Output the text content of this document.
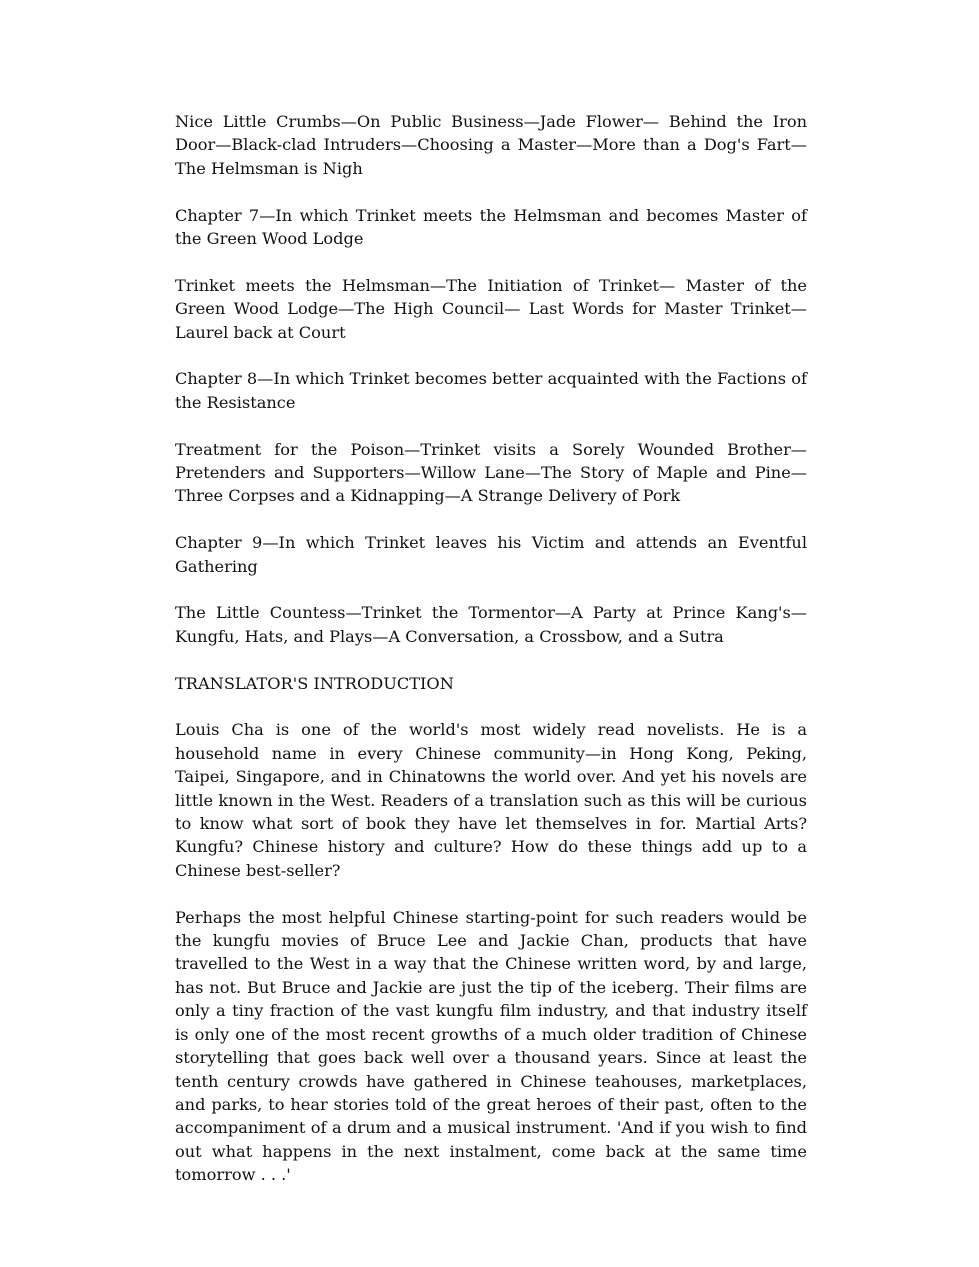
Nice Little Crumbs—On Public Business—Jade Flower— Behind the Iron Door—Black-clad Intruders—Choosing a Master—More than a Dog's Fart—The Helmsman is Nigh

Chapter 7—In which Trinket meets the Helmsman and becomes Master of the Green Wood Lodge

Trinket meets the Helmsman—The Initiation of Trinket— Master of the Green Wood Lodge—The High Council— Last Words for Master Trinket—Laurel back at Court

Chapter 8—In which Trinket becomes better acquainted with the Factions of the Resistance

Treatment for the Poison—Trinket visits a Sorely Wounded Brother—Pretenders and Supporters—Willow Lane—The Story of Maple and Pine—Three Corpses and a Kidnapping—A Strange Delivery of Pork

Chapter 9—In which Trinket leaves his Victim and attends an Eventful Gathering

The Little Countess—Trinket the Tormentor—A Party at Prince Kang's—Kungfu, Hats, and Plays—A Conversation, a Crossbow, and a Sutra

TRANSLATOR'S INTRODUCTION

Louis Cha is one of the world's most widely read novelists. He is a household name in every Chinese community—in Hong Kong, Peking, Taipei, Singapore, and in Chinatowns the world over. And yet his novels are little known in the West. Readers of a translation such as this will be curious to know what sort of book they have let themselves in for. Martial Arts? Kungfu? Chinese history and culture? How do these things add up to a Chinese best-seller?

Perhaps the most helpful Chinese starting-point for such readers would be the kungfu movies of Bruce Lee and Jackie Chan, products that have travelled to the West in a way that the Chinese written word, by and large, has not. But Bruce and Jackie are just the tip of the iceberg. Their films are only a tiny fraction of the vast kungfu film industry, and that industry itself is only one of the most recent growths of a much older tradition of Chinese storytelling that goes back well over a thousand years. Since at least the tenth century crowds have gathered in Chinese teahouses, marketplaces, and parks, to hear stories told of the great heroes of their past, often to the accompaniment of a drum and a musical instrument. 'And if you wish to find out what happens in the next instalment, come back at the same time tomorrow . . .'
